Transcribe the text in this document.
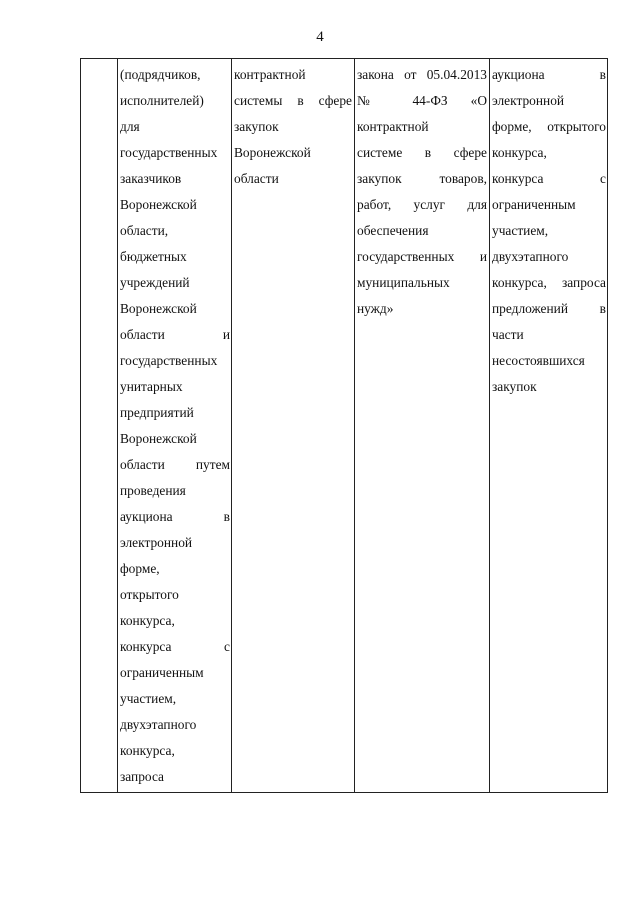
4
(подрядчиков,
исполнителей)
для
государственных
заказчиков
Воронежской
области,
бюджетных
учреждений
Воронежской
области и
государственных
унитарных
предприятий
Воронежской
области путем
проведения
аукциона в
электронной
форме,
открытого
конкурса,
конкурса с
ограниченным
участием,
двухэтапного
конкурса,
запроса
контрактной
системы в сфере
закупок
Воронежской
области
закона от 05.04.2013
№ 44-ФЗ «О
контрактной
системе в сфере
закупок товаров,
работ, услуг для
обеспечения
государственных и
муниципальных
нужд»
аукциона в
электронной
форме, открытого
конкурса,
конкурса с
ограниченным
участием,
двухэтапного
конкурса, запроса
предложений в
части
несостоявшихся
закупок
